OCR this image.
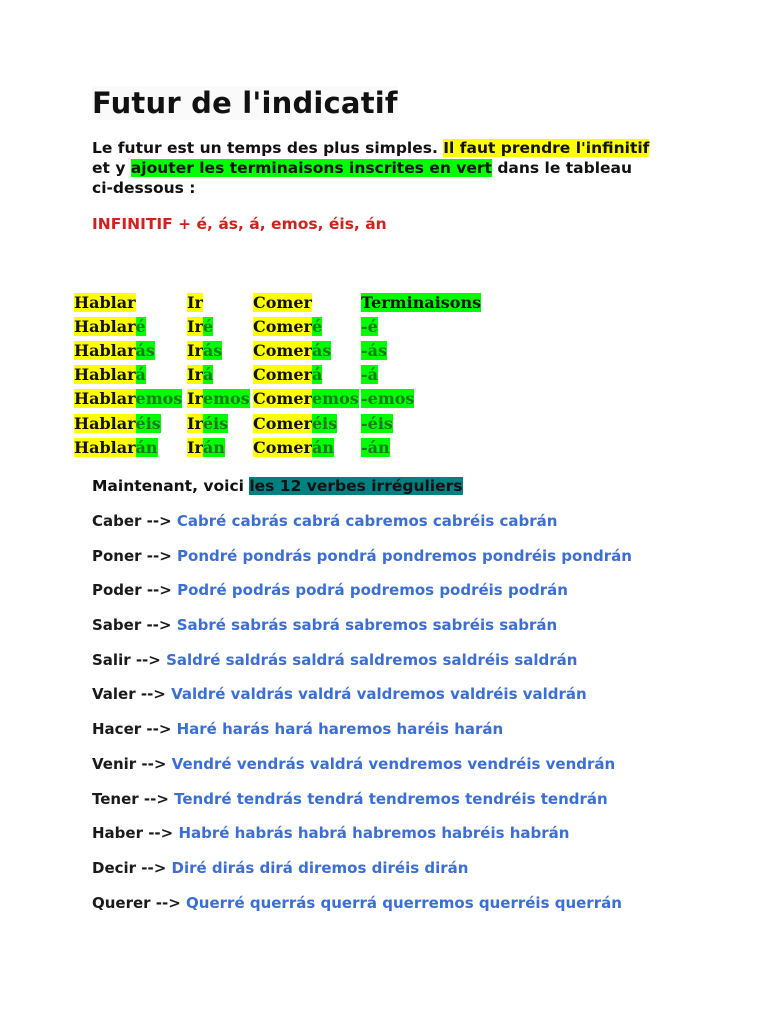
Futur de l'indicatif
Le futur est un temps des plus simples. Il faut prendre l'infinitif et y ajouter les terminaisons inscrites en vert dans le tableau ci-dessous :
INFINITIF + é, ás, á, emos, éis, án
Hablar	Ir	Comer	Terminaisons
Hablaré	Iré	Comeré	-é
Hablarás	Irás	Comerás	-ás
Hablará	Irá	Comerá	-á
Hablaremos Iremos Comeremos -emos
Hablaréis	Iréis	Comeréis	-éis
Hablarán	Irán	Comerán	-án
Maintenant, voici les 12 verbes irréguliers
Caber --> Cabré cabrás cabrá cabremos cabréis cabrán
Poner --> Pondré pondrás pondrá pondremos pondréis pondrán
Poder --> Podré podrás podrá podremos podréis podrán
Saber --> Sabré sabrás sabrá sabremos sabréis sabrán
Salir --> Saldré saldrás saldrá saldremos saldréis saldrán
Valer --> Valdré valdrás valdrá valdremos valdréis valdrán
Hacer --> Haré harás hará haremos haréis harán
Venir --> Vendré vendrás valdrá vendremos vendréis vendrán
Tener --> Tendré tendrás tendrá tendremos tendréis tendrán
Haber --> Habré habrás habrá habremos habréis habrán
Decir --> Diré dirás dirá diremos diréis dirán
Querer --> Querré querrás querrá querremos querréis querrán
